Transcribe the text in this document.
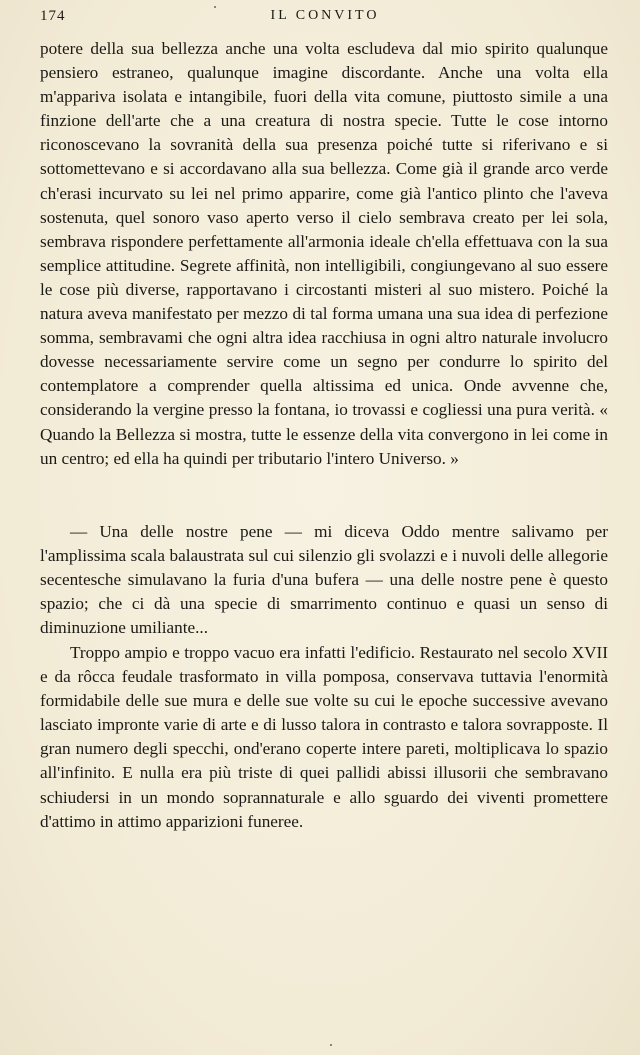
174	IL CONVITO

potere della sua bellezza anche una volta escludeva dal mio spirito qualunque pensiero estraneo, qualunque imagine discordante. Anche una volta ella m'appariva isolata e intangibile, fuori della vita comune, piuttosto simile a una finzione dell'arte che a una creatura di nostra specie. Tutte le cose intorno riconoscevano la sovranità della sua presenza poiché tutte si riferivano e si sottomettevano e si accordavano alla sua bellezza. Come già il grande arco verde ch'erasi incurvato su lei nel primo apparire, come già l'antico plinto che l'aveva sostenuta, quel sonoro vaso aperto verso il cielo sembrava creato per lei sola, sembrava rispondere perfettamente all'armonia ideale ch'ella effettuava con la sua semplice attitudine. Segrete affinità, non intelligibili, congiungevano al suo essere le cose più diverse, rapportavano i circostanti misteri al suo mistero. Poiché la natura aveva manifestato per mezzo di tal forma umana una sua idea di perfezione somma, sembravami che ogni altra idea racchiusa in ogni altro naturale involucro dovesse necessariamente servire come un segno per condurre lo spirito del contemplatore a comprender quella altissima ed unica. Onde avvenne che, considerando la vergine presso la fontana, io trovassi e cogliessi una pura verità. « Quando la Bellezza si mostra, tutte le essenze della vita convergono in lei come in un centro; ed ella ha quindi per tributario l'intero Universo. »

— Una delle nostre pene — mi diceva Oddo mentre salivamo per l'amplissima scala balaustrata sul cui silenzio gli svolazzi e i nuvoli delle allegorie secentesche simulavano la furia d'una bufera — una delle nostre pene è questo spazio; che ci dà una specie di smarrimento continuo e quasi un senso di diminuzione umiliante...

Troppo ampio e troppo vacuo era infatti l'edificio. Restaurato nel secolo XVII e da rôcca feudale trasformato in villa pomposa, conservava tuttavia l'enormità formidabile delle sue mura e delle sue volte su cui le epoche successive avevano lasciato impronte varie di arte e di lusso talora in contrasto e talora sovrapposte. Il gran numero degli specchi, ond'erano coperte intere pareti, moltiplicava lo spazio all'infinito. E nulla era più triste di quei pallidi abissi illusorii che sembravano schiudersi in un mondo soprannaturale e allo sguardo dei viventi promettere d'attimo in attimo apparizioni funeree.
